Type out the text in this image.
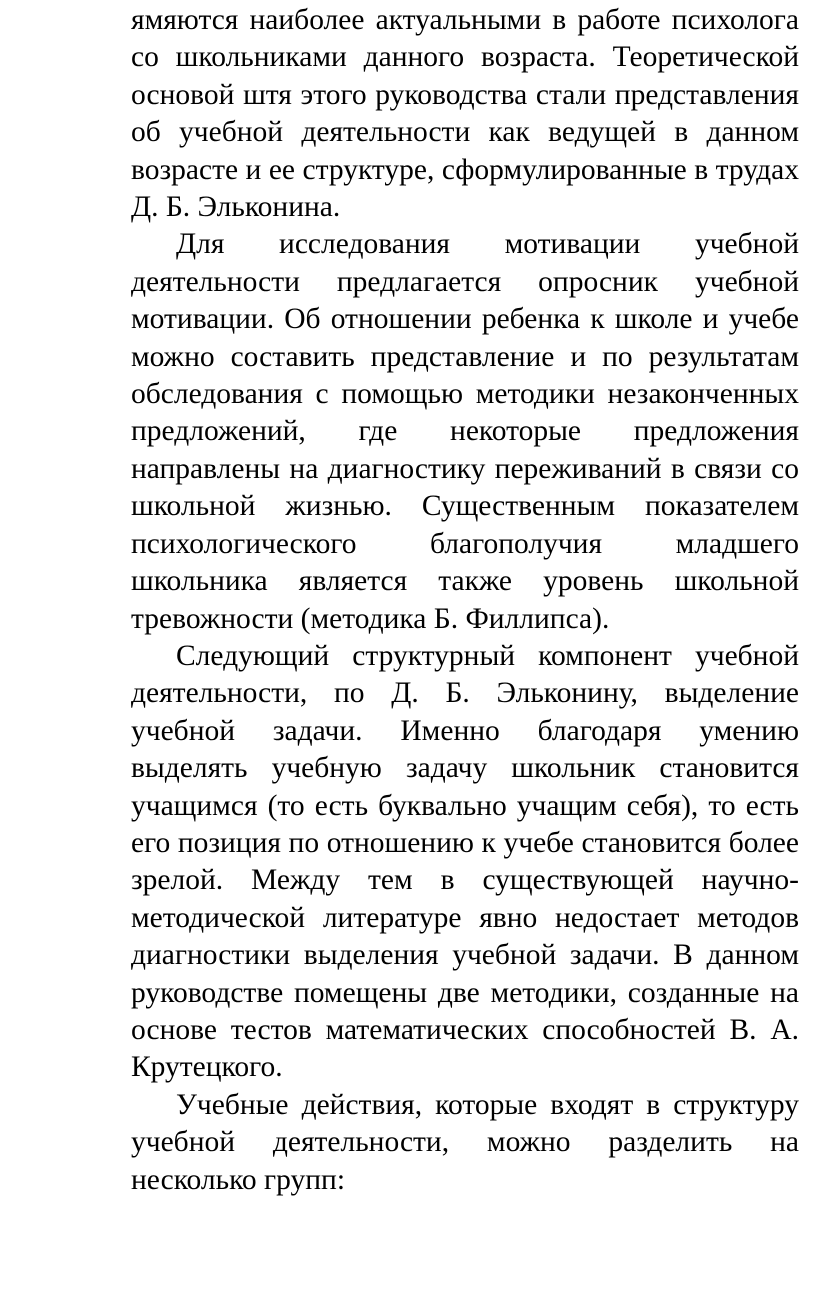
ямяются наиболее актуальными в работе психолога со школьниками данного возраста. Теоретической основой штя этого руководства стали представления об учебной деятельности как ведущей в данном возрасте и ее структуре, сформулированные в трудах Д. Б. Эльконина.

Для исследования мотивации учебной деятельности предлагается опросник учебной мотивации. Об отношении ребенка к школе и учебе можно составить представление и по результатам обследования с помощью методики незаконченных предложений, где некоторые предложения направлены на диагностику переживаний в связи со школьной жизнью. Существенным показателем психологического благополучия младшего школьника является также уровень школьной тревожности (методика Б. Филлипса).

Следующий структурный компонент учебной деятельности, по Д. Б. Эльконину, выделение учебной задачи. Именно благодаря умению выделять учебную задачу школьник становится учащимся (то есть буквально учащим себя), то есть его позиция по отношению к учебе становится более зрелой. Между тем в существующей научно-методической литературе явно недостает методов диагностики выделения учебной задачи. В данном руководстве помещены две методики, созданные на основе тестов математических способностей В. А. Крутецкого.

Учебные действия, которые входят в структуру учебной деятельности, можно разделить на несколько групп:
